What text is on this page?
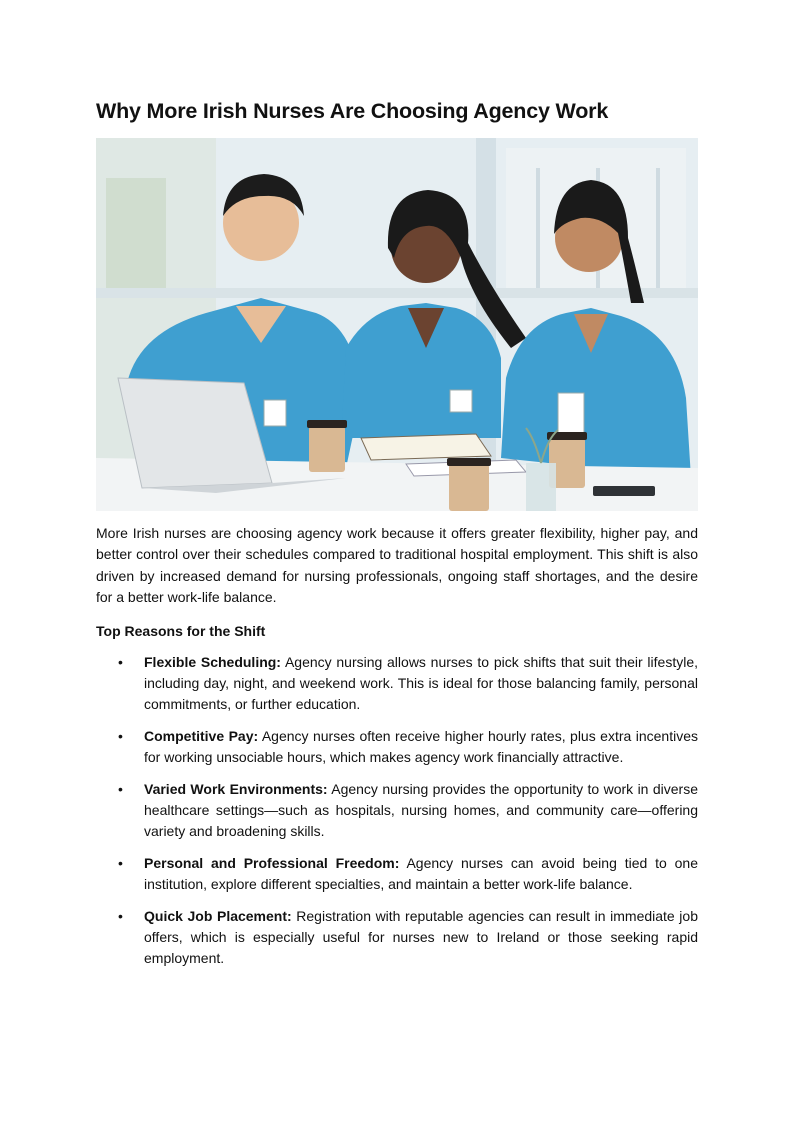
Why More Irish Nurses Are Choosing Agency Work

More Irish nurses are choosing agency work because it offers greater flexibility, higher pay, and better control over their schedules compared to traditional hospital employment. This shift is also driven by increased demand for nursing professionals, ongoing staff shortages, and the desire for a better work-life balance.

Top Reasons for the Shift
• Flexible Scheduling: Agency nursing allows nurses to pick shifts that suit their lifestyle, including day, night, and weekend work. This is ideal for those balancing family, personal commitments, or further education.
• Competitive Pay: Agency nurses often receive higher hourly rates, plus extra incentives for working unsociable hours, which makes agency work financially attractive.
• Varied Work Environments: Agency nursing provides the opportunity to work in diverse healthcare settings—such as hospitals, nursing homes, and community care—offering variety and broadening skills.
• Personal and Professional Freedom: Agency nurses can avoid being tied to one institution, explore different specialties, and maintain a better work-life balance.
• Quick Job Placement: Registration with reputable agencies can result in immediate job offers, which is especially useful for nurses new to Ireland or those seeking rapid employment.
